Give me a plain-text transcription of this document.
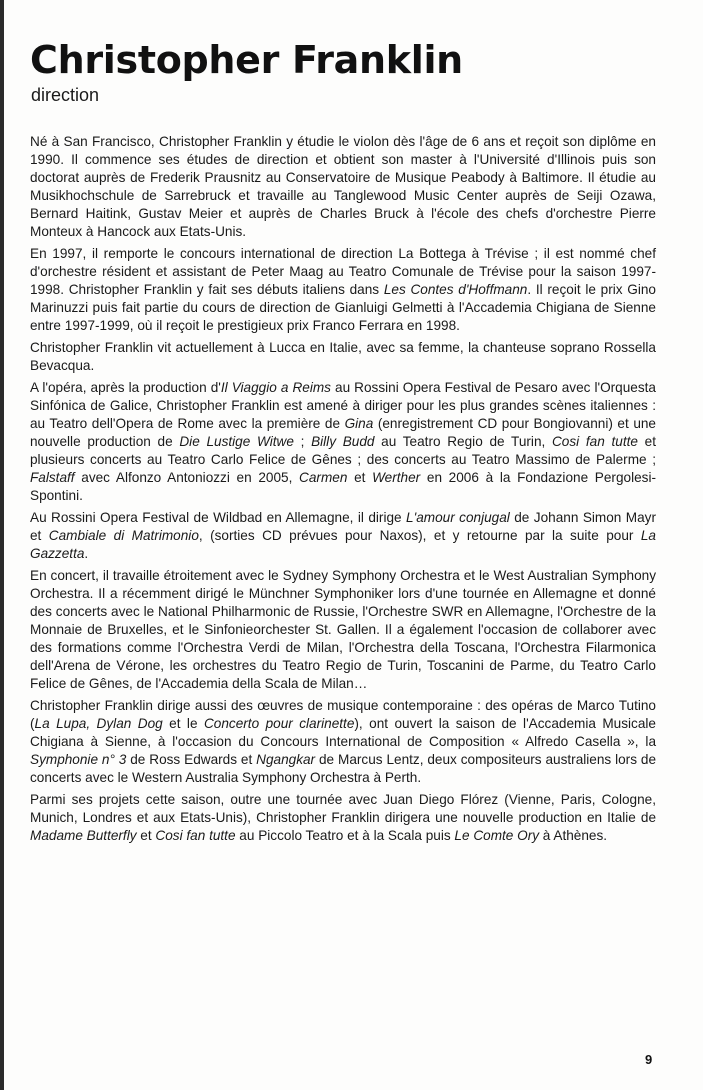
Christopher Franklin
direction

Né à San Francisco, Christopher Franklin y étudie le violon dès l'âge de 6 ans et reçoit son diplôme en 1990. Il commence ses études de direction et obtient son master à l'Université d'Illinois puis son doctorat auprès de Frederik Prausnitz au Conservatoire de Musique Peabody à Baltimore. Il étudie au Musikhochschule de Sarrebruck et travaille au Tanglewood Music Center auprès de Seiji Ozawa, Bernard Haitink, Gustav Meier et auprès de Charles Bruck à l'école des chefs d'orchestre Pierre Monteux à Hancock aux Etats-Unis.

En 1997, il remporte le concours international de direction La Bottega à Trévise ; il est nommé chef d'orchestre résident et assistant de Peter Maag au Teatro Comunale de Trévise pour la saison 1997-1998. Christopher Franklin y fait ses débuts italiens dans Les Contes d'Hoffmann. Il reçoit le prix Gino Marinuzzi puis fait partie du cours de direction de Gianluigi Gelmetti à l'Accademia Chigiana de Sienne entre 1997-1999, où il reçoit le prestigieux prix Franco Ferrara en 1998.

Christopher Franklin vit actuellement à Lucca en Italie, avec sa femme, la chanteuse soprano Rossella Bevacqua.

A l'opéra, après la production d'Il Viaggio a Reims au Rossini Opera Festival de Pesaro avec l'Orquesta Sinfónica de Galice, Christopher Franklin est amené à diriger pour les plus grandes scènes italiennes : au Teatro dell'Opera de Rome avec la première de Gina (enregistrement CD pour Bongiovanni) et une nouvelle production de Die Lustige Witwe ; Billy Budd au Teatro Regio de Turin, Cosi fan tutte et plusieurs concerts au Teatro Carlo Felice de Gênes ; des concerts au Teatro Massimo de Palerme ; Falstaff avec Alfonzo Antoniozzi en 2005, Carmen et Werther en 2006 à la Fondazione Pergolesi-Spontini.

Au Rossini Opera Festival de Wildbad en Allemagne, il dirige L'amour conjugal de Johann Simon Mayr et Cambiale di Matrimonio, (sorties CD prévues pour Naxos), et y retourne par la suite pour La Gazzetta.

En concert, il travaille étroitement avec le Sydney Symphony Orchestra et le West Australian Symphony Orchestra. Il a récemment dirigé le Münchner Symphoniker lors d'une tournée en Allemagne et donné des concerts avec le National Philharmonic de Russie, l'Orchestre SWR en Allemagne, l'Orchestre de la Monnaie de Bruxelles, et le Sinfonieorchester St. Gallen. Il a également l'occasion de collaborer avec des formations comme l'Orchestra Verdi de Milan, l'Orchestra della Toscana, l'Orchestra Filarmonica dell'Arena de Vérone, les orchestres du Teatro Regio de Turin, Toscanini de Parme, du Teatro Carlo Felice de Gênes, de l'Accademia della Scala de Milan…

Christopher Franklin dirige aussi des œuvres de musique contemporaine : des opéras de Marco Tutino (La Lupa, Dylan Dog et le Concerto pour clarinette), ont ouvert la saison de l'Accademia Musicale Chigiana à Sienne, à l'occasion du Concours International de Composition « Alfredo Casella », la Symphonie n° 3 de Ross Edwards et Ngangkar de Marcus Lentz, deux compositeurs australiens lors de concerts avec le Western Australia Symphony Orchestra à Perth.

Parmi ses projets cette saison, outre une tournée avec Juan Diego Flórez (Vienne, Paris, Cologne, Munich, Londres et aux Etats-Unis), Christopher Franklin dirigera une nouvelle production en Italie de Madame Butterfly et Cosi fan tutte au Piccolo Teatro et à la Scala puis Le Comte Ory à Athènes.

9
